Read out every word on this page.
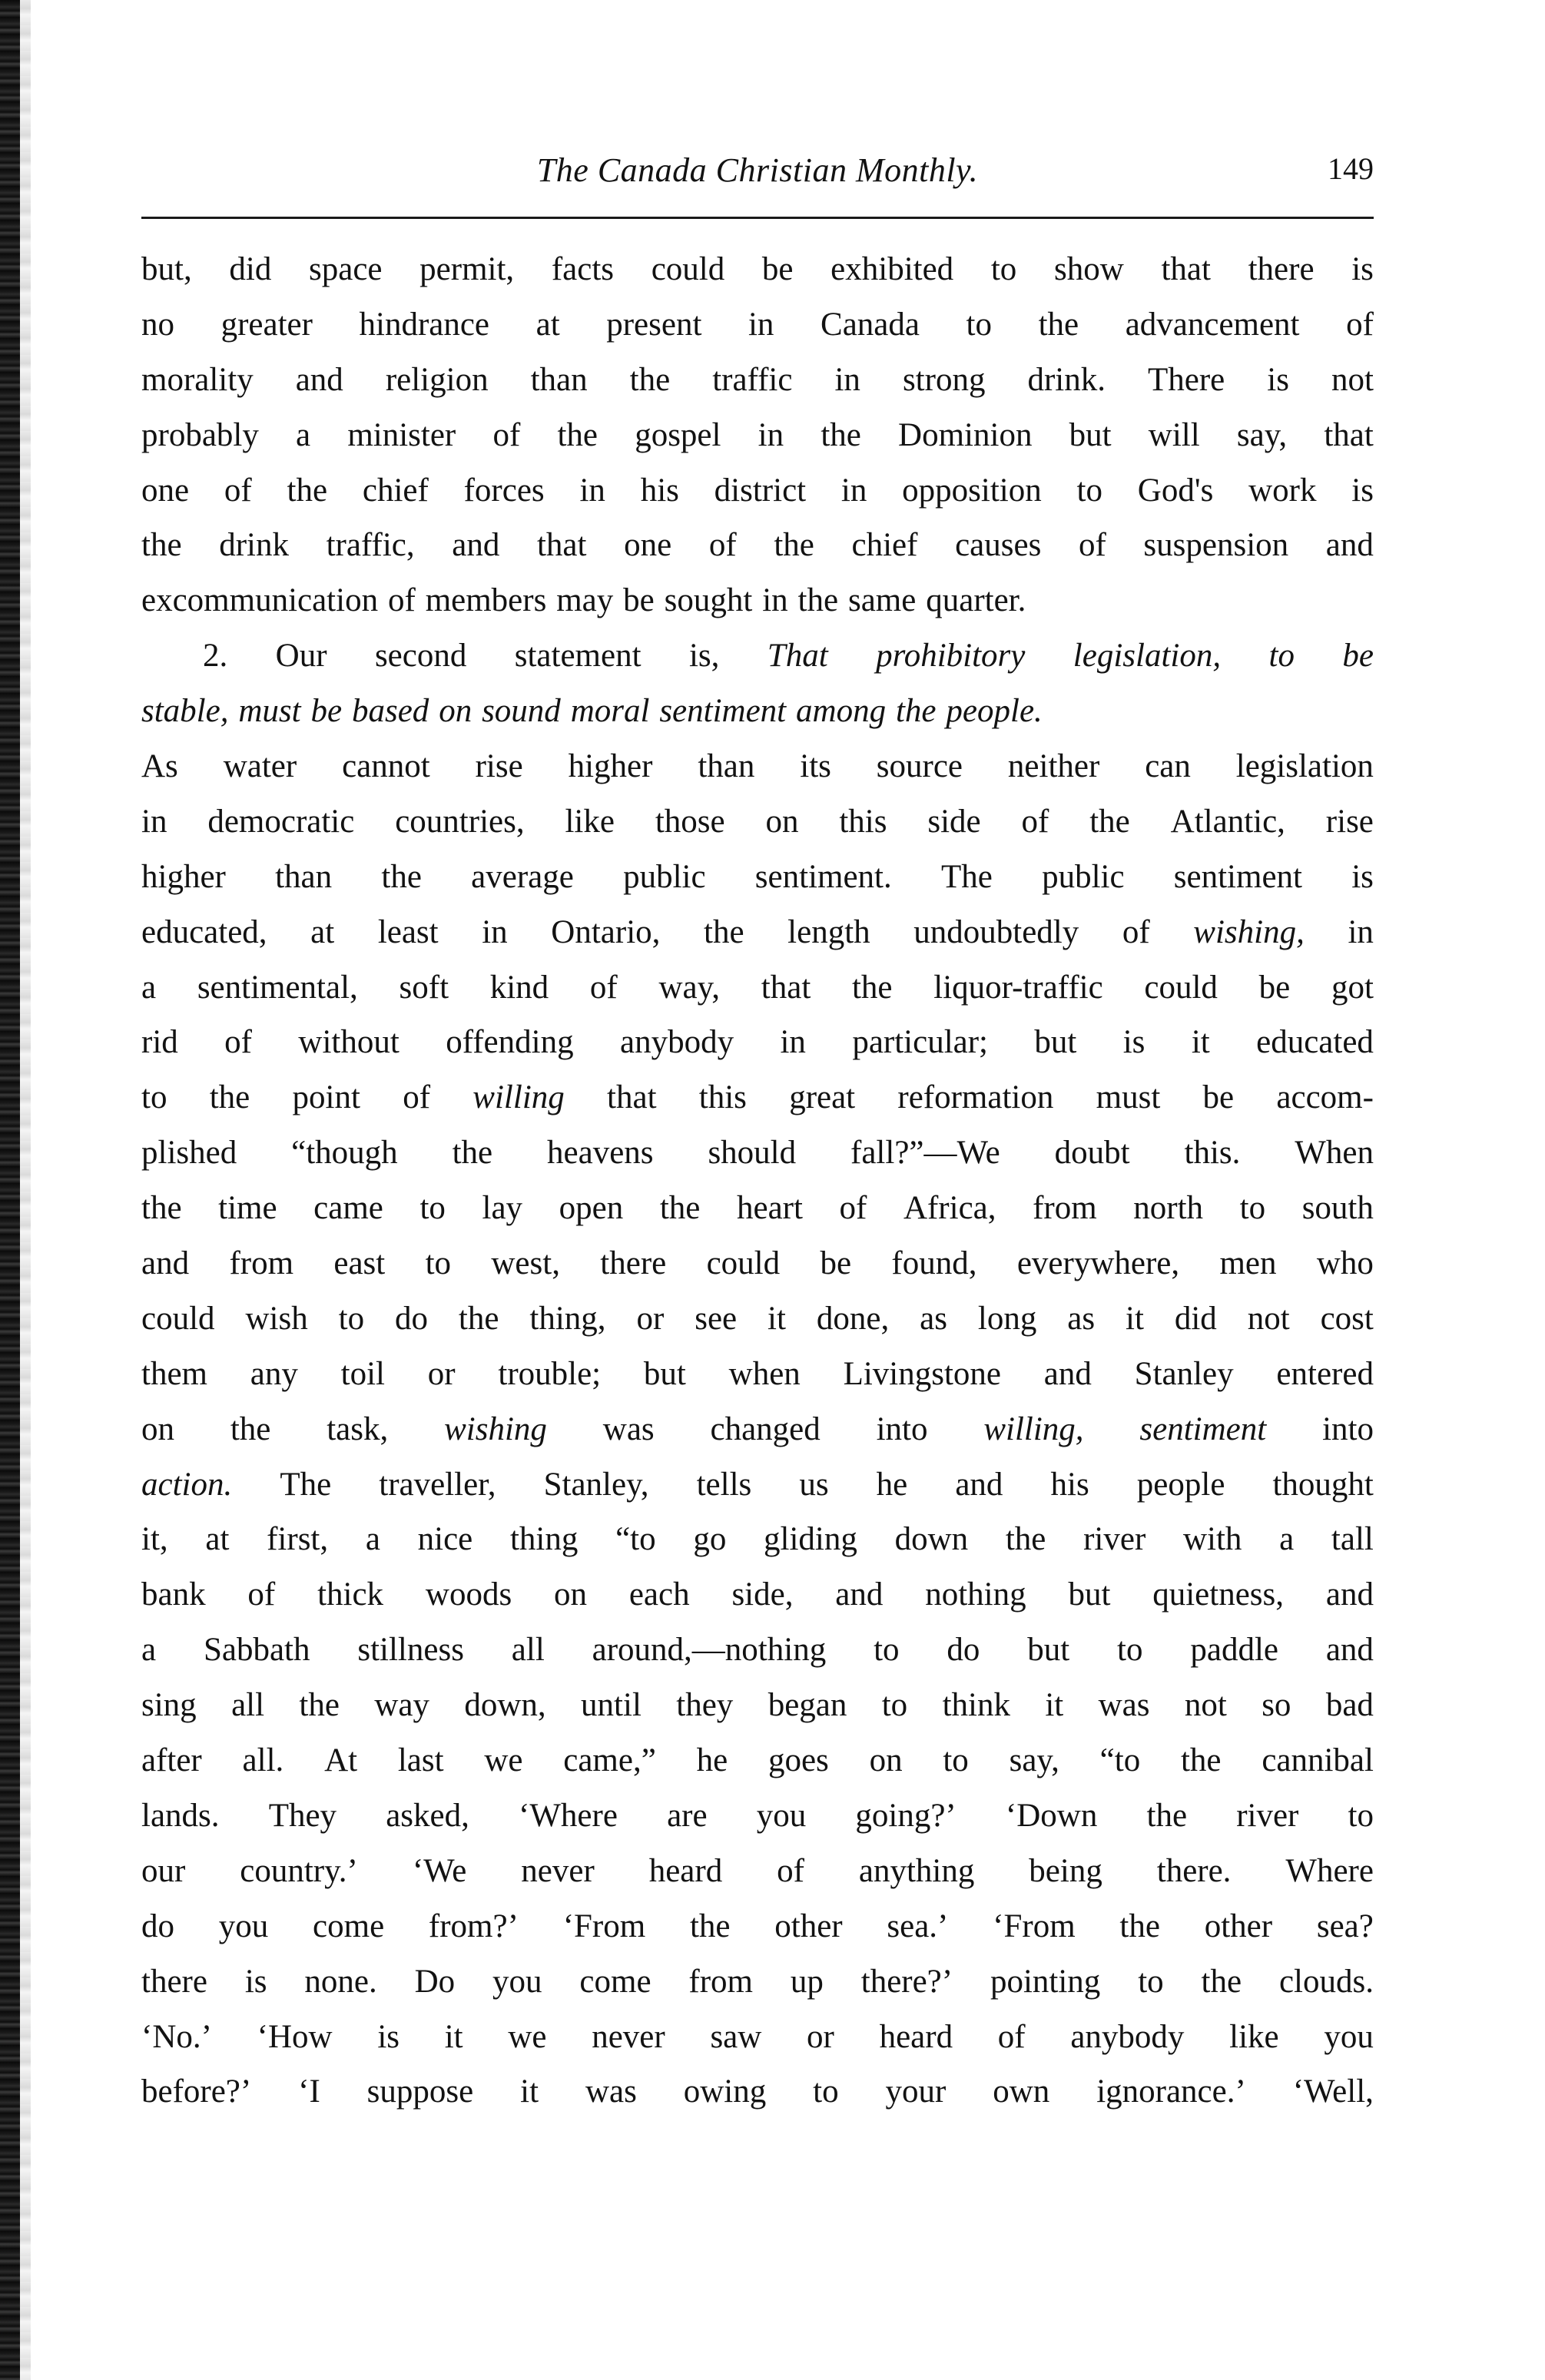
The Canada Christian Monthly.	149
but, did space permit, facts could be exhibited to show that there is
no greater hindrance at present in Canada to the advancement of
morality and religion than the traffic in strong drink. There is not
probably a minister of the gospel in the Dominion but will say, that
one of the chief forces in his district in opposition to God's work is
the drink traffic, and that one of the chief causes of suspension and
excommunication of members may be sought in the same quarter.
2. Our second statement is, That prohibitory legislation, to be
stable, must be based on sound moral sentiment among the people.
As water cannot rise higher than its source neither can legislation
in democratic countries, like those on this side of the Atlantic, rise
higher than the average public sentiment. The public sentiment is
educated, at least in Ontario, the length undoubtedly of wishing, in
a sentimental, soft kind of way, that the liquor-traffic could be got
rid of without offending anybody in particular; but is it educated
to the point of willing that this great reformation must be accom-
plished “though the heavens should fall?”—We doubt this. When
the time came to lay open the heart of Africa, from north to south
and from east to west, there could be found, everywhere, men who
could wish to do the thing, or see it done, as long as it did not cost
them any toil or trouble; but when Livingstone and Stanley entered
on the task, wishing was changed into willing, sentiment into
action. The traveller, Stanley, tells us he and his people thought
it, at first, a nice thing “to go gliding down the river with a tall
bank of thick woods on each side, and nothing but quietness, and
a Sabbath stillness all around,—nothing to do but to paddle and
sing all the way down, until they began to think it was not so bad
after all. At last we came,” he goes on to say, “to the cannibal
lands. They asked, ‘Where are you going?’ ‘Down the river to
our country.’ ‘We never heard of anything being there. Where
do you come from?’ ‘From the other sea.’ ‘From the other sea?
there is none. Do you come from up there?’ pointing to the clouds.
‘No.’ ‘How is it we never saw or heard of anybody like you
before?’ ‘I suppose it was owing to your own ignorance.’ ‘Well,
